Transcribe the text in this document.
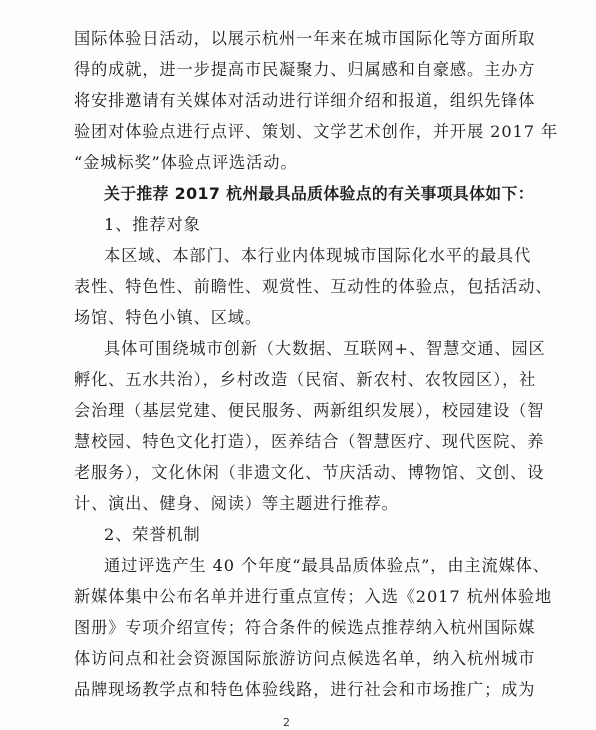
国际体验日活动，以展示杭州一年来在城市国际化等方面所取
得的成就，进一步提高市民凝聚力、归属感和自豪感。主办方
将安排邀请有关媒体对活动进行详细介绍和报道，组织先锋体
验团对体验点进行点评、策划、文学艺术创作，并开展 2017 年
“金城标奖”体验点评选活动。
关于推荐 2017 杭州最具品质体验点的有关事项具体如下：
1、推荐对象
本区域、本部门、本行业内体现城市国际化水平的最具代
表性、特色性、前瞻性、观赏性、互动性的体验点，包括活动、
场馆、特色小镇、区域。
具体可围绕城市创新（大数据、互联网+、智慧交通、园区
孵化、五水共治），乡村改造（民宿、新农村、农牧园区），社
会治理（基层党建、便民服务、两新组织发展），校园建设（智
慧校园、特色文化打造），医养结合（智慧医疗、现代医院、养
老服务），文化休闲（非遗文化、节庆活动、博物馆、文创、设
计、演出、健身、阅读）等主题进行推荐。
2、荣誉机制
通过评选产生 40 个年度“最具品质体验点”，由主流媒体、
新媒体集中公布名单并进行重点宣传；入选《2017 杭州体验地
图册》专项介绍宣传；符合条件的候选点推荐纳入杭州国际媒
体访问点和社会资源国际旅游访问点候选名单，纳入杭州城市
品牌现场教学点和特色体验线路，进行社会和市场推广；成为
2
